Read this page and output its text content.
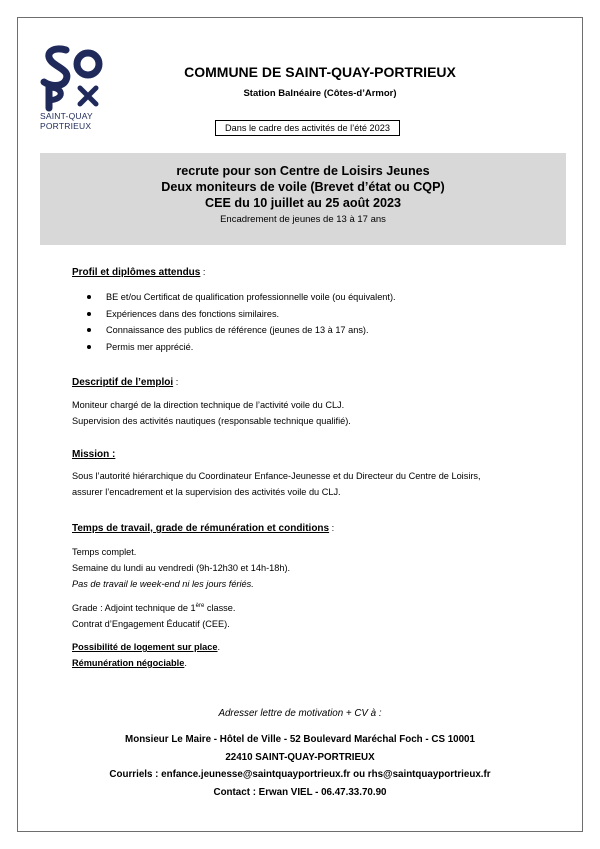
SAINT-QUAY
PORTRIEUX
COMMUNE DE SAINT-QUAY-PORTRIEUX
Station Balnéaire (Côtes-d’Armor)
Dans le cadre des activités de l’été 2023
recrute pour son Centre de Loisirs Jeunes
Deux moniteurs de voile (Brevet d’état ou CQP)
CEE du 10 juillet au 25 août 2023
Encadrement de jeunes de 13 à 17 ans
Profil et diplômes attendus :
BE et/ou Certificat de qualification professionnelle voile (ou équivalent).
Expériences dans des fonctions similaires.
Connaissance des publics de référence (jeunes de 13 à 17 ans).
Permis mer apprécié.
Descriptif de l’emploi :
Moniteur chargé de la direction technique de l’activité voile du CLJ.
Supervision des activités nautiques (responsable technique qualifié).
Mission :
Sous l’autorité hiérarchique du Coordinateur Enfance-Jeunesse et du Directeur du Centre de Loisirs,
assurer l’encadrement et la supervision des activités voile du CLJ.
Temps de travail, grade de rémunération et conditions :
Temps complet.
Semaine du lundi au vendredi (9h-12h30 et 14h-18h).
Pas de travail le week-end ni les jours fériés.
Grade : Adjoint technique de 1ère classe.
Contrat d’Engagement Éducatif (CEE).
Possibilité de logement sur place.
Rémunération négociable.
Adresser lettre de motivation + CV à :
Monsieur Le Maire - Hôtel de Ville - 52 Boulevard Maréchal Foch - CS 10001
22410 SAINT-QUAY-PORTRIEUX
Courriels : enfance.jeunesse@saintquayportrieux.fr ou rhs@saintquayportrieux.fr
Contact : Erwan VIEL - 06.47.33.70.90
